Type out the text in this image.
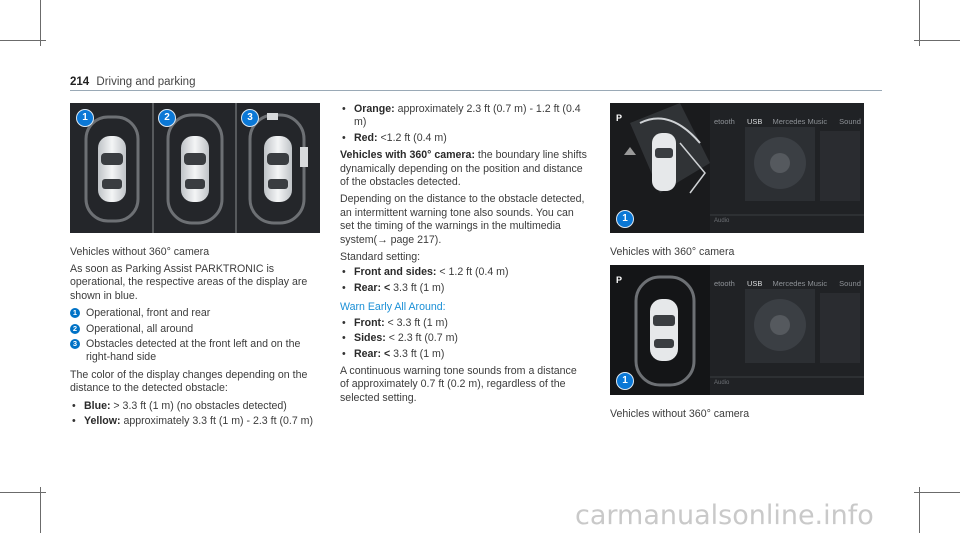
214 Driving and parking
1	2	3
Vehicles without 360° camera

As soon as Parking Assist PARKTRONIC is operational, the respective areas of the display are shown in blue.

1 Operational, front and rear
2 Operational, all around
3 Obstacles detected at the front left and on the right-hand side

The color of the display changes depending on the distance to the detected obstacle:

• Blue: > 3.3 ft (1 m) (no obstacles detected)
• Yellow: approximately 3.3 ft (1 m) - 2.3 ft (0.7 m)
• Orange: approximately 2.3 ft (0.7 m) - 1.2 ft (0.4 m)
• Red: <1.2 ft (0.4 m)

Vehicles with 360° camera: the boundary line shifts dynamically depending on the position and distance of the obstacles detected.

Depending on the distance to the obstacle detected, an intermittent warning tone also sounds. You can set the timing of the warnings in the multimedia system(→ page 217).

Standard setting:

• Front and sides: < 1.2 ft (0.4 m)
• Rear: < 3.3 ft (1 m)

Warn Early All Around:

• Front: < 3.3 ft (1 m)
• Sides: < 2.3 ft (0.7 m)
• Rear: < 3.3 ft (1 m)

A continuous warning tone sounds from a distance of approximately 0.7 ft (0.2 m), regardless of the selected setting.

P	etooth USB Mercedes Music Sound
Audio
1
Vehicles with 360° camera
P	etooth USB Mercedes Music Sound
Audio
1
Vehicles without 360° camera
carmanualsonline.info
